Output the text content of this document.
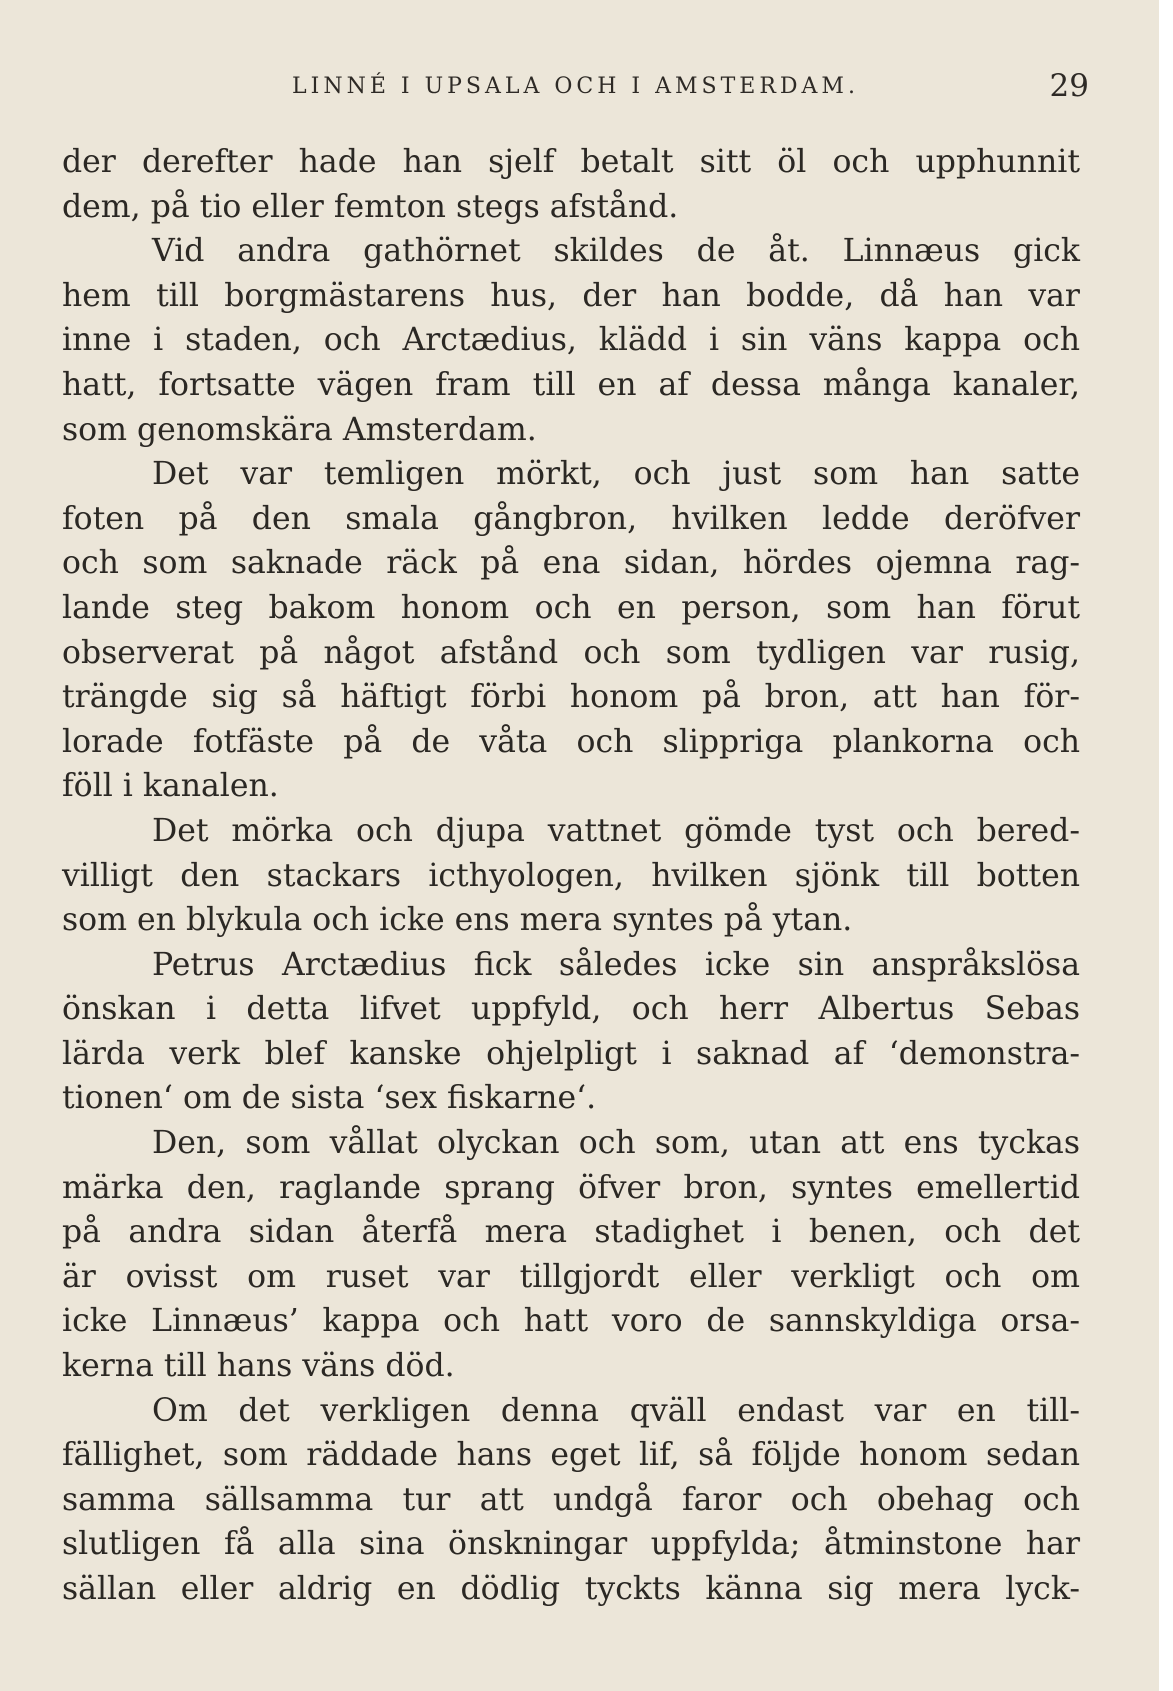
LINNÉ I UPSALA OCH I AMSTERDAM.	29

der derefter hade han sjelf betalt sitt öl och upphunnit
dem, på tio eller femton stegs afstånd.

Vid andra gathörnet skildes de åt. Linnæus gick
hem till borgmästarens hus, der han bodde, då han var
inne i staden, och Arctædius, klädd i sin väns kappa och
hatt, fortsatte vägen fram till en af dessa många kanaler,
som genomskära Amsterdam.

Det var temligen mörkt, och just som han satte
foten på den smala gångbron, hvilken ledde deröfver
och som saknade räck på ena sidan, hördes ojemna rag-
lande steg bakom honom och en person, som han förut
observerat på något afstånd och som tydligen var rusig,
trängde sig så häftigt förbi honom på bron, att han för-
lorade fotfäste på de våta och slippriga plankorna och
föll i kanalen.

Det mörka och djupa vattnet gömde tyst och bered-
villigt den stackars icthyologen, hvilken sjönk till botten
som en blykula och icke ens mera syntes på ytan.

Petrus Arctædius fick således icke sin anspråkslösa
önskan i detta lifvet uppfyld, och herr Albertus Sebas
lärda verk blef kanske ohjelpligt i saknad af ‘demonstra-
tionen‘ om de sista ‘sex fiskarne‘.

Den, som vållat olyckan och som, utan att ens tyckas
märka den, raglande sprang öfver bron, syntes emellertid
på andra sidan återfå mera stadighet i benen, och det
är ovisst om ruset var tillgjordt eller verkligt och om
icke Linnæus’ kappa och hatt voro de sannskyldiga orsa-
kerna till hans väns död.

Om det verkligen denna qväll endast var en till-
fällighet, som räddade hans eget lif, så följde honom sedan
samma sällsamma tur att undgå faror och obehag och
slutligen få alla sina önskningar uppfylda; åtminstone har
sällan eller aldrig en dödlig tyckts känna sig mera lyck-
